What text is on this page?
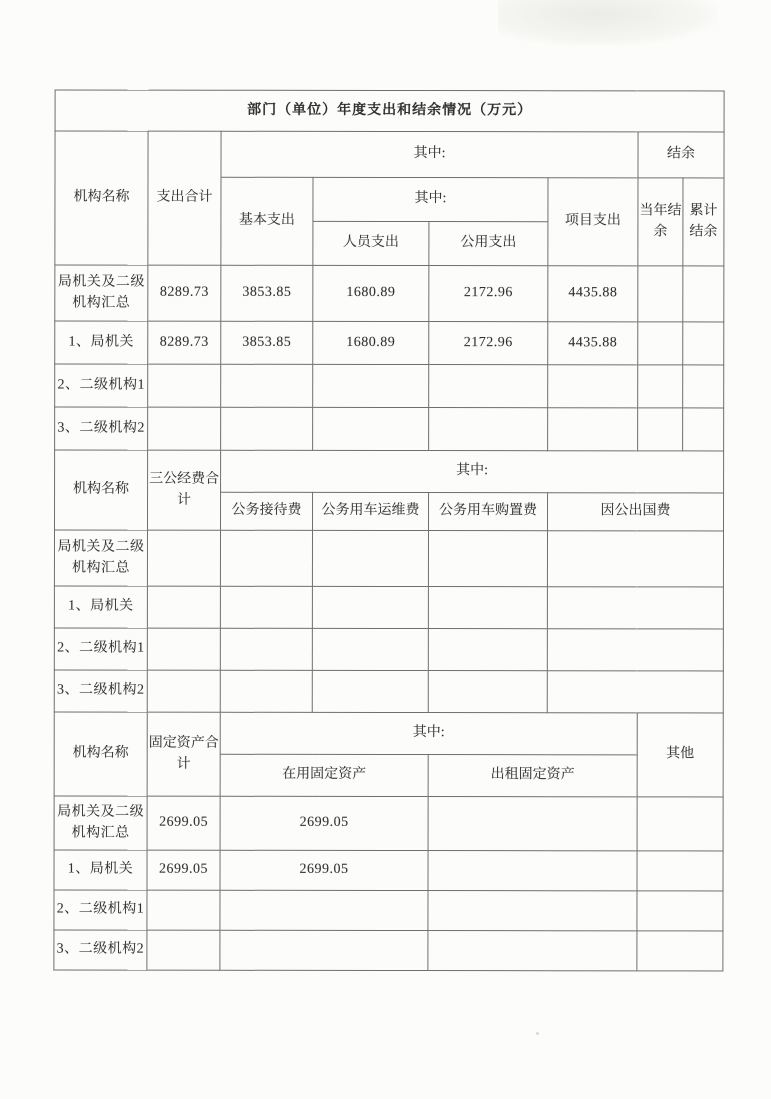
部门（单位）年度支出和结余情况（万元）							
机构名称	支出合计	其中:				结余	
		基本支出	其中:		项目支出	当年结余	累计结余
			人员支出	公用支出			
局机关及二级机构汇总	8289.73	3853.85	1680.89	2172.96	4435.88		
1、局机关	8289.73	3853.85	1680.89	2172.96	4435.88		
2、二级机构1							
3、二级机构2							
机构名称	三公经费合计	其中:					
		公务接待费	公务用车运维费	公务用车购置费	因公出国费		
局机关及二级机构汇总							
1、局机关							
2、二级机构1							
3、二级机构2							
机构名称	固定资产合计	其中:				其他	
		在用固定资产		出租固定资产			
局机关及二级机构汇总	2699.05	2699.05					
1、局机关	2699.05	2699.05					
2、二级机构1							
3、二级机构2							
